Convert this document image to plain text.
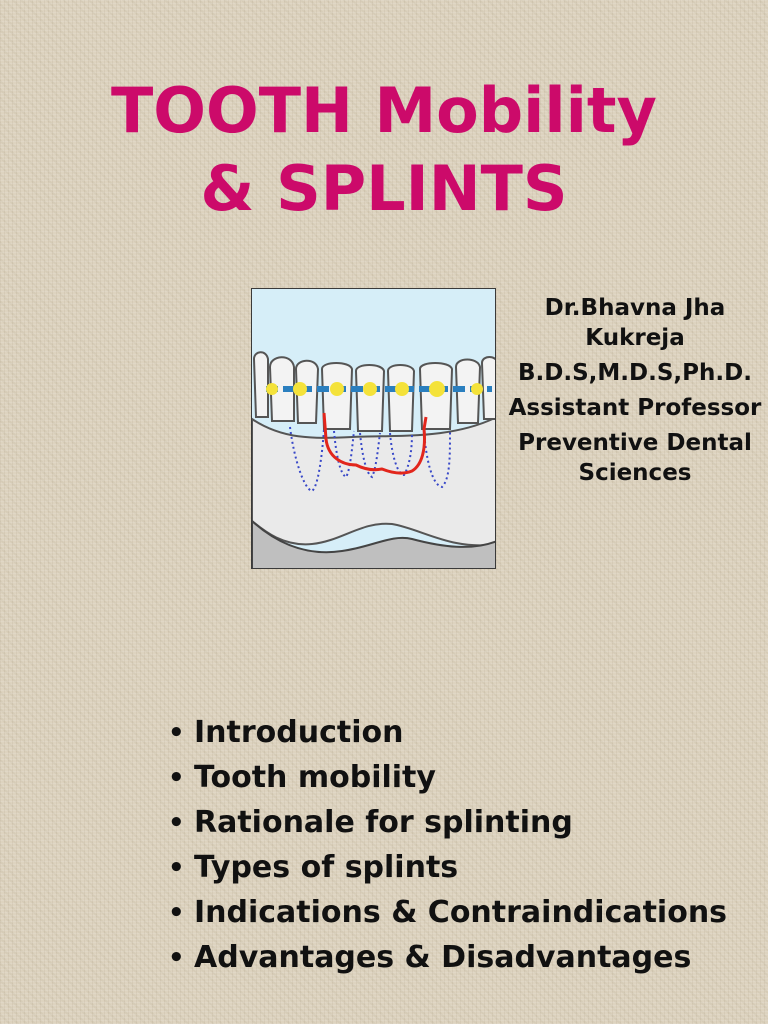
TOOTH Mobility
& SPLINTS

Dr.Bhavna Jha Kukreja

B.D.S,M.D.S,Ph.D.

Assistant Professor

Preventive Dental Sciences

• Introduction
• Tooth mobility
• Rationale for splinting
• Types of splints
• Indications & Contraindications
• Advantages & Disadvantages
